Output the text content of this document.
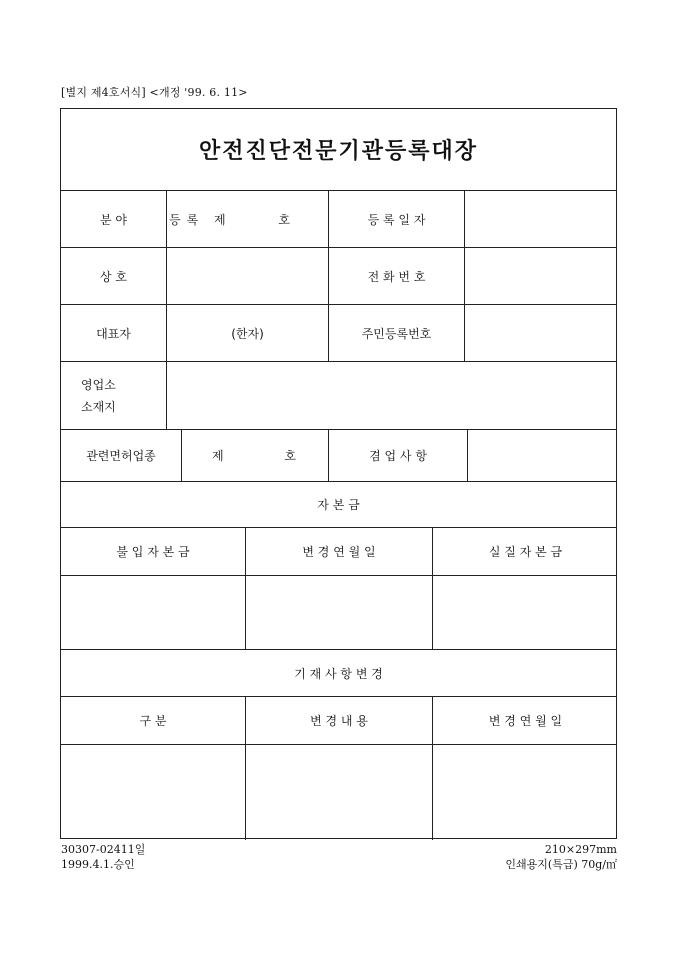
[별지 제4호서식] <개정 '99. 6. 11>
안전진단전문기관등록대장
분 야	등록 제	호	등 록 일 자
상 호	전 화 번 호
대표자	(한자)	주민등록번호
영업소
소재지
관련면허업종	제	호	겸 업 사 항
자 본 금
불 입 자 본 금	변 경 연 월 일	실 질 자 본 금
기 재 사 항 변 경
구 분	변 경 내 용	변 경 연 월 일
30307-02411일
1999.4.1.승인
210×297mm
인쇄용지(특급) 70g/㎡
